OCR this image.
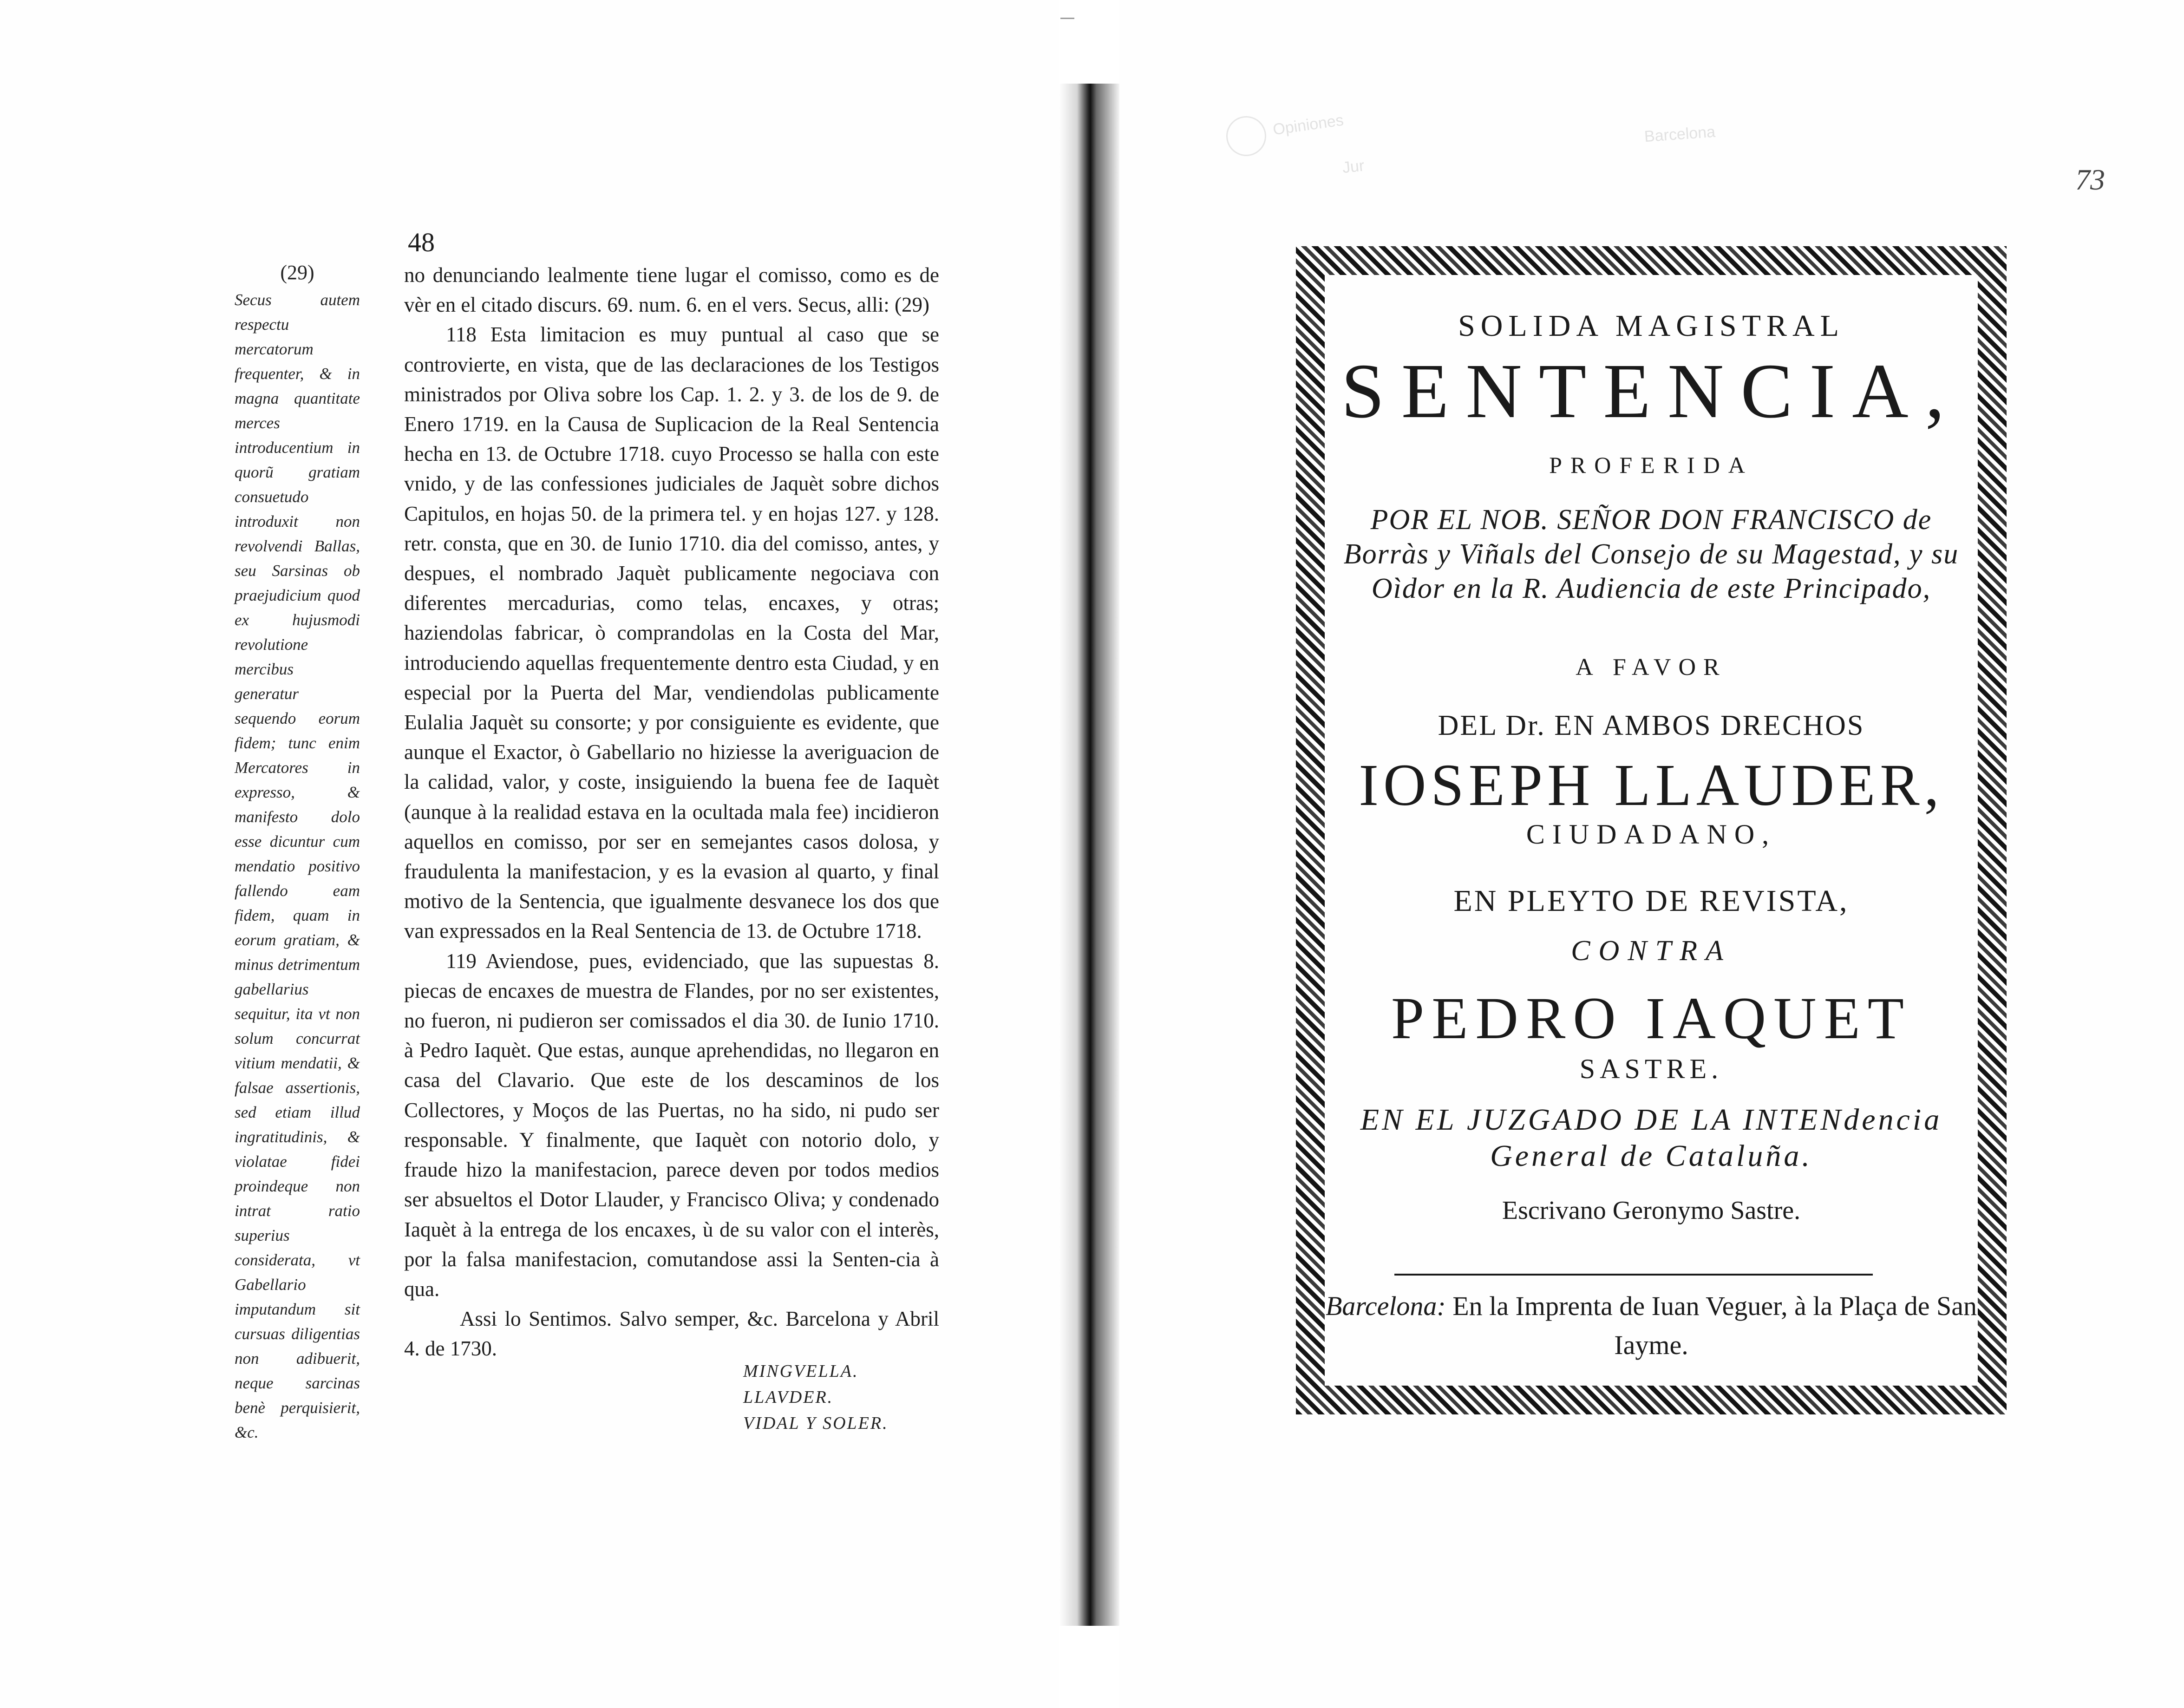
48
(29)
Secus autem respectu mercatorum frequenter, & in magna quantitate merces introducentium in quorũ gratiam consuetudo introduxit non revolvendi Ballas, seu Sarsinas ob praejudicium quod ex hujusmodi revolutione mercibus generatur sequendo eorum fidem; tunc enim Mercatores in expresso, & manifesto dolo esse dicuntur cum mendatio positivo fallendo eam fidem, quam in eorum gratiam, & minus detrimentum gabellarius sequitur, ita vt non solum concurrat vitium mendatii, & falsae assertionis, sed etiam illud ingratitudinis, & violatae fidei proindeque non intrat ratio superius considerata, vt Gabellario imputandum sit cursuas diligentias non adibuerit, neque sarcinas benè perquisierit, &c.

no denunciando lealmente tiene lugar el comisso, como es de vèr en el citado discurs. 69. num. 6. en el vers. Secus, alli: (29)

118 Esta limitacion es muy puntual al caso que se controvierte, en vista, que de las declaraciones de los Testigos ministrados por Oliva sobre los Cap. 1. 2. y 3. de los de 9. de Enero 1719. en la Causa de Suplicacion de la Real Sentencia hecha en 13. de Octubre 1718. cuyo Processo se halla con este vnido, y de las confessiones judiciales de Jaquèt sobre dichos Capitulos, en hojas 50. de la primera tel. y en hojas 127. y 128. retr. consta, que en 30. de Iunio 1710. dia del comisso, antes, y despues, el nombrado Jaquèt publicamente negociava con diferentes mercadurias, como telas, encaxes, y otras; haziendolas fabricar, ò comprandolas en la Costa del Mar, introduciendo aquellas frequentemente dentro esta Ciudad, y en especial por la Puerta del Mar, vendiendolas publicamente Eulalia Jaquèt su consorte; y por consiguiente es evidente, que aunque el Exactor, ò Gabellario no hiziesse la averiguacion de la calidad, valor, y coste, insiguiendo la buena fee de Iaquèt (aunque à la realidad estava en la ocultada mala fee) incidieron aquellos en comisso, por ser en semejantes casos dolosa, y fraudulenta la manifestacion, y es la evasion al quarto, y final motivo de la Sentencia, que igualmente desvanece los dos que van expressados en la Real Sentencia de 13. de Octubre 1718.

119 Aviendose, pues, evidenciado, que las supuestas 8. piecas de encaxes de muestra de Flandes, por no ser existentes, no fueron, ni pudieron ser comissados el dia 30. de Iunio 1710. à Pedro Iaquèt. Que estas, aunque aprehendidas, no llegaron en casa del Clavario. Que este de los descaminos de los Collectores, y Moços de las Puertas, no ha sido, ni pudo ser responsable. Y finalmente, que Iaquèt con notorio dolo, y fraude hizo la manifestacion, parece deven por todos medios ser absueltos el Dotor Llauder, y Francisco Oliva; y condenado Iaquèt à la entrega de los encaxes, ù de su valor con el interès, por la falsa manifestacion, comutandose assi la Senten-cia à qua.

Assi lo Sentimos. Salvo semper, &c. Barcelona y Abril 4. de 1730.

MINGVELLA.
LLAVDER.
VIDAL Y SOLER.
Opiniones
Jur
Barcelona
73
SOLIDA MAGISTRAL
SENTENCIA,
PROFERIDA
POR EL NOB. SEÑOR DON FRANCISCO de Borràs y Viñals del Consejo de su Magestad, y su Oìdor en la R. Audiencia de este Principado,
A FAVOR
DEL Dr. EN AMBOS DRECHOS
IOSEPH LLAUDER,
CIUDADANO,
EN PLEYTO DE REVISTA,
CONTRA
PEDRO IAQUET
SASTRE.
EN EL JUZGADO DE LA INTENdencia General de Cataluña.
Escrivano Geronymo Sastre.
Barcelona: En la Imprenta de Iuan Veguer, à la Plaça de San Iayme.
